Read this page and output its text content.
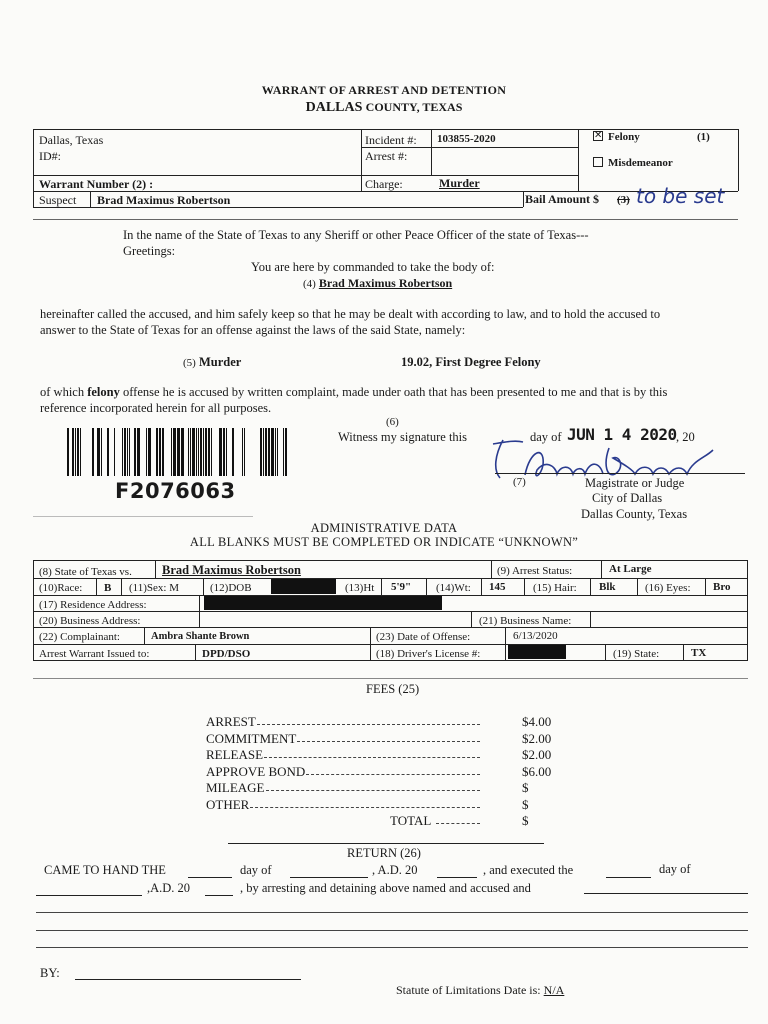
WARRANT OF ARREST AND DETENTION
DALLAS COUNTY, TEXAS
Dallas, Texas
ID#:
Incident #: 103855-2020
Arrest #:
✕ Felony	(1)
Misdemeanor
Warrant Number (2) :	Charge:	Murder
Suspect Brad Maximus Robertson	Bail Amount $ (3) to be set
In the name of the State of Texas to any Sheriff or other Peace Officer of the state of Texas---
Greetings:
You are here by commanded to take the body of:
(4) Brad Maximus Robertson
hereinafter called the accused, and him safely keep so that he may be dealt with according to law, and to hold the accused to
answer to the State of Texas for an offense against the laws of the said State, namely:
(5) Murder	19.02, First Degree Felony
of which felony offense he is accused by written complaint, made under oath that has been presented to me and that is by this
reference incorporated herein for all purposes.
F2076063
(6)
Witness my signature this	day of JUN 1 4 2020 , 20
(7)	Magistrate or Judge
City of Dallas
Dallas County, Texas
ADMINISTRATIVE DATA
ALL BLANKS MUST BE COMPLETED OR INDICATE “UNKNOWN”
(8) State of Texas vs. Brad Maximus Robertson	(9) Arrest Status:	At Large
(10)Race: B (11)Sex: M	(12)DOB	(13)Ht 5'9" (14)Wt: 145	(15) Hair: Blk	(16) Eyes: Bro
(17) Residence Address:
(20) Business Address:	(21) Business Name:
(22) Complainant:	Ambra Shante Brown	(23) Date of Offense:	6/13/2020
Arrest Warrant Issued to:	DPD/DSO	(18) Driver's License #:	(19) State:	TX
FEES (25)
ARREST	$4.00
COMMITMENT	$2.00
RELEASE	$2.00
APPROVE BOND	$6.00
MILEAGE	$
OTHER	$
TOTAL	$
RETURN (26)
CAME TO HAND THE	day of	, A.D. 20	, and executed the	day of
,A.D. 20	, by arresting and detaining above named and accused and
BY:
Statute of Limitations Date is: N/A
